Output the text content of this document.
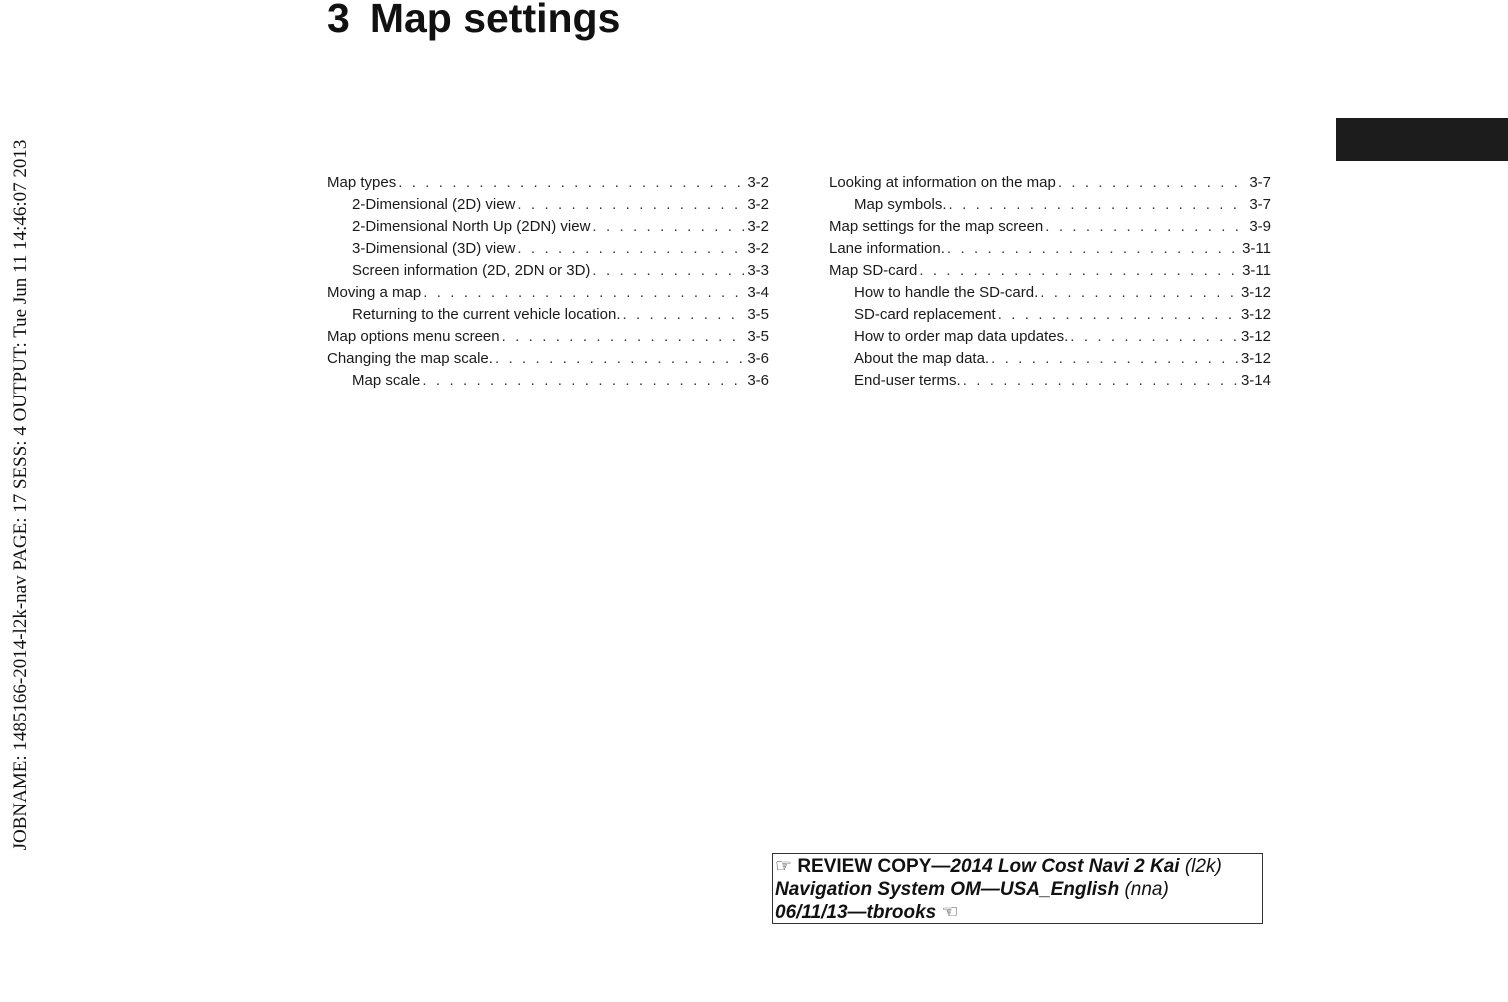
JOBNAME: 1485166-2014-l2k-nav PAGE: 17 SESS: 4 OUTPUT: Tue Jun 11 14:46:07 2013
3 Map settings
Map types . . .	3-2
2-Dimensional (2D) view . . .	3-2
2-Dimensional North Up (2DN) view . . .	3-2
3-Dimensional (3D) view . . .	3-2
Screen information (2D, 2DN or 3D) . . .	3-3
Moving a map . . .	3-4
Returning to the current vehicle location. . . .	3-5
Map options menu screen . . .	3-5
Changing the map scale. . . .	3-6
Map scale . . .	3-6
Looking at information on the map . . .	3-7
Map symbols. . . .	3-7
Map settings for the map screen . . .	3-9
Lane information. . . .	3-11
Map SD-card . . .	3-11
How to handle the SD-card. . . .	3-12
SD-card replacement . . .	3-12
How to order map data updates. . . .	3-12
About the map data. . . .	3-12
End-user terms. . . .	3-14
☞ REVIEW COPY—2014 Low Cost Navi 2 Kai (l2k)
Navigation System OM—USA_English (nna)
06/11/13—tbrooks ☜
